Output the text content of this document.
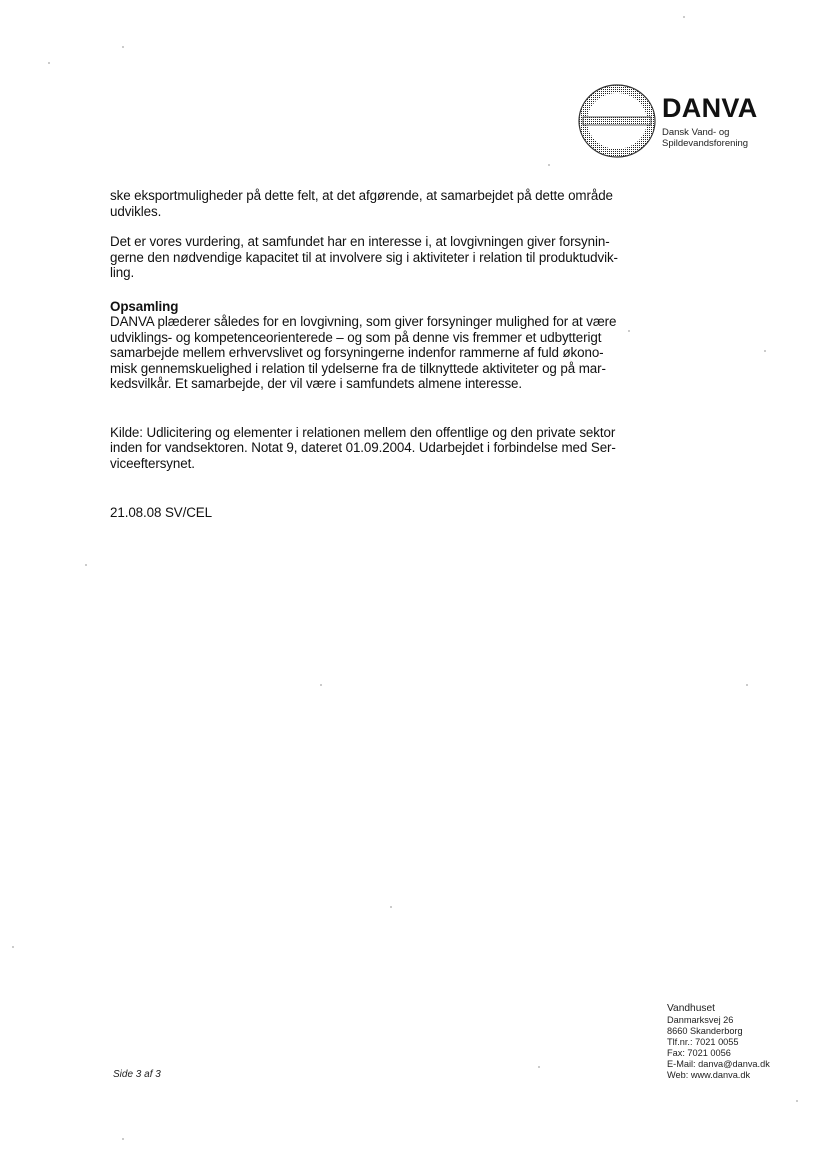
DANVA
Dansk Vand- og
Spildevandsforening
ske eksportmuligheder på dette felt, at det afgørende, at samarbejdet på dette område
udvikles.
Det er vores vurdering, at samfundet har en interesse i, at lovgivningen giver forsynin-
gerne den nødvendige kapacitet til at involvere sig i aktiviteter i relation til produktudvik-
ling.
Opsamling
DANVA plæderer således for en lovgivning, som giver forsyninger mulighed for at være
udviklings- og kompetenceorienterede – og som på denne vis fremmer et udbytterigt
samarbejde mellem erhvervslivet og forsyningerne indenfor rammerne af fuld økono-
misk gennemskuelighed i relation til ydelserne fra de tilknyttede aktiviteter og på mar-
kedsvilkår. Et samarbejde, der vil være i samfundets almene interesse.
Kilde: Udlicitering og elementer i relationen mellem den offentlige og den private sektor
inden for vandsektoren. Notat 9, dateret 01.09.2004. Udarbejdet i forbindelse med Ser-
viceeftersynet.
21.08.08 SV/CEL
Side 3 af 3
Vandhuset
Danmarksvej 26
8660 Skanderborg
Tlf.nr.: 7021 0055
Fax: 7021 0056
E-Mail: danva@danva.dk
Web: www.danva.dk
